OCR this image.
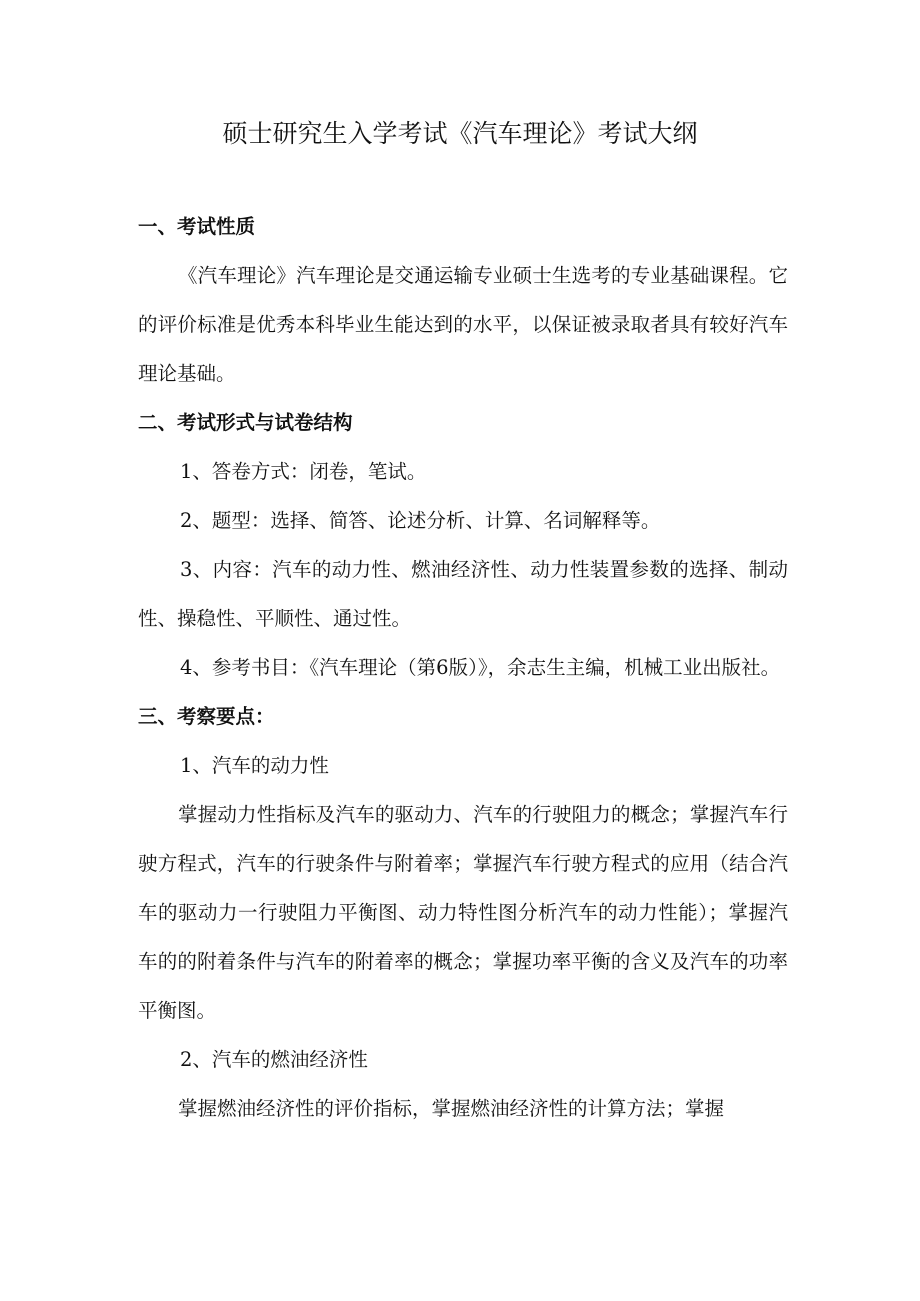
硕士研究生入学考试《汽车理论》考试大纲
一、考试性质
《汽车理论》汽车理论是交通运输专业硕士生选考的专业基础课程。它的评价标准是优秀本科毕业生能达到的水平，以保证被录取者具有较好汽车理论基础。
二、考试形式与试卷结构
1、答卷方式：闭卷，笔试。
2、题型：选择、简答、论述分析、计算、名词解释等。
3、内容：汽车的动力性、燃油经济性、动力性装置参数的选择、制动性、操稳性、平顺性、通过性。
4、参考书目：《汽车理论（第6版）》，余志生主编，机械工业出版社。
三、考察要点：
1、汽车的动力性
掌握动力性指标及汽车的驱动力、汽车的行驶阻力的概念；掌握汽车行驶方程式，汽车的行驶条件与附着率；掌握汽车行驶方程式的应用（结合汽车的驱动力一行驶阻力平衡图、动力特性图分析汽车的动力性能）；掌握汽车的的附着条件与汽车的附着率的概念；掌握功率平衡的含义及汽车的功率平衡图。
2、汽车的燃油经济性
掌握燃油经济性的评价指标，掌握燃油经济性的计算方法；掌握
